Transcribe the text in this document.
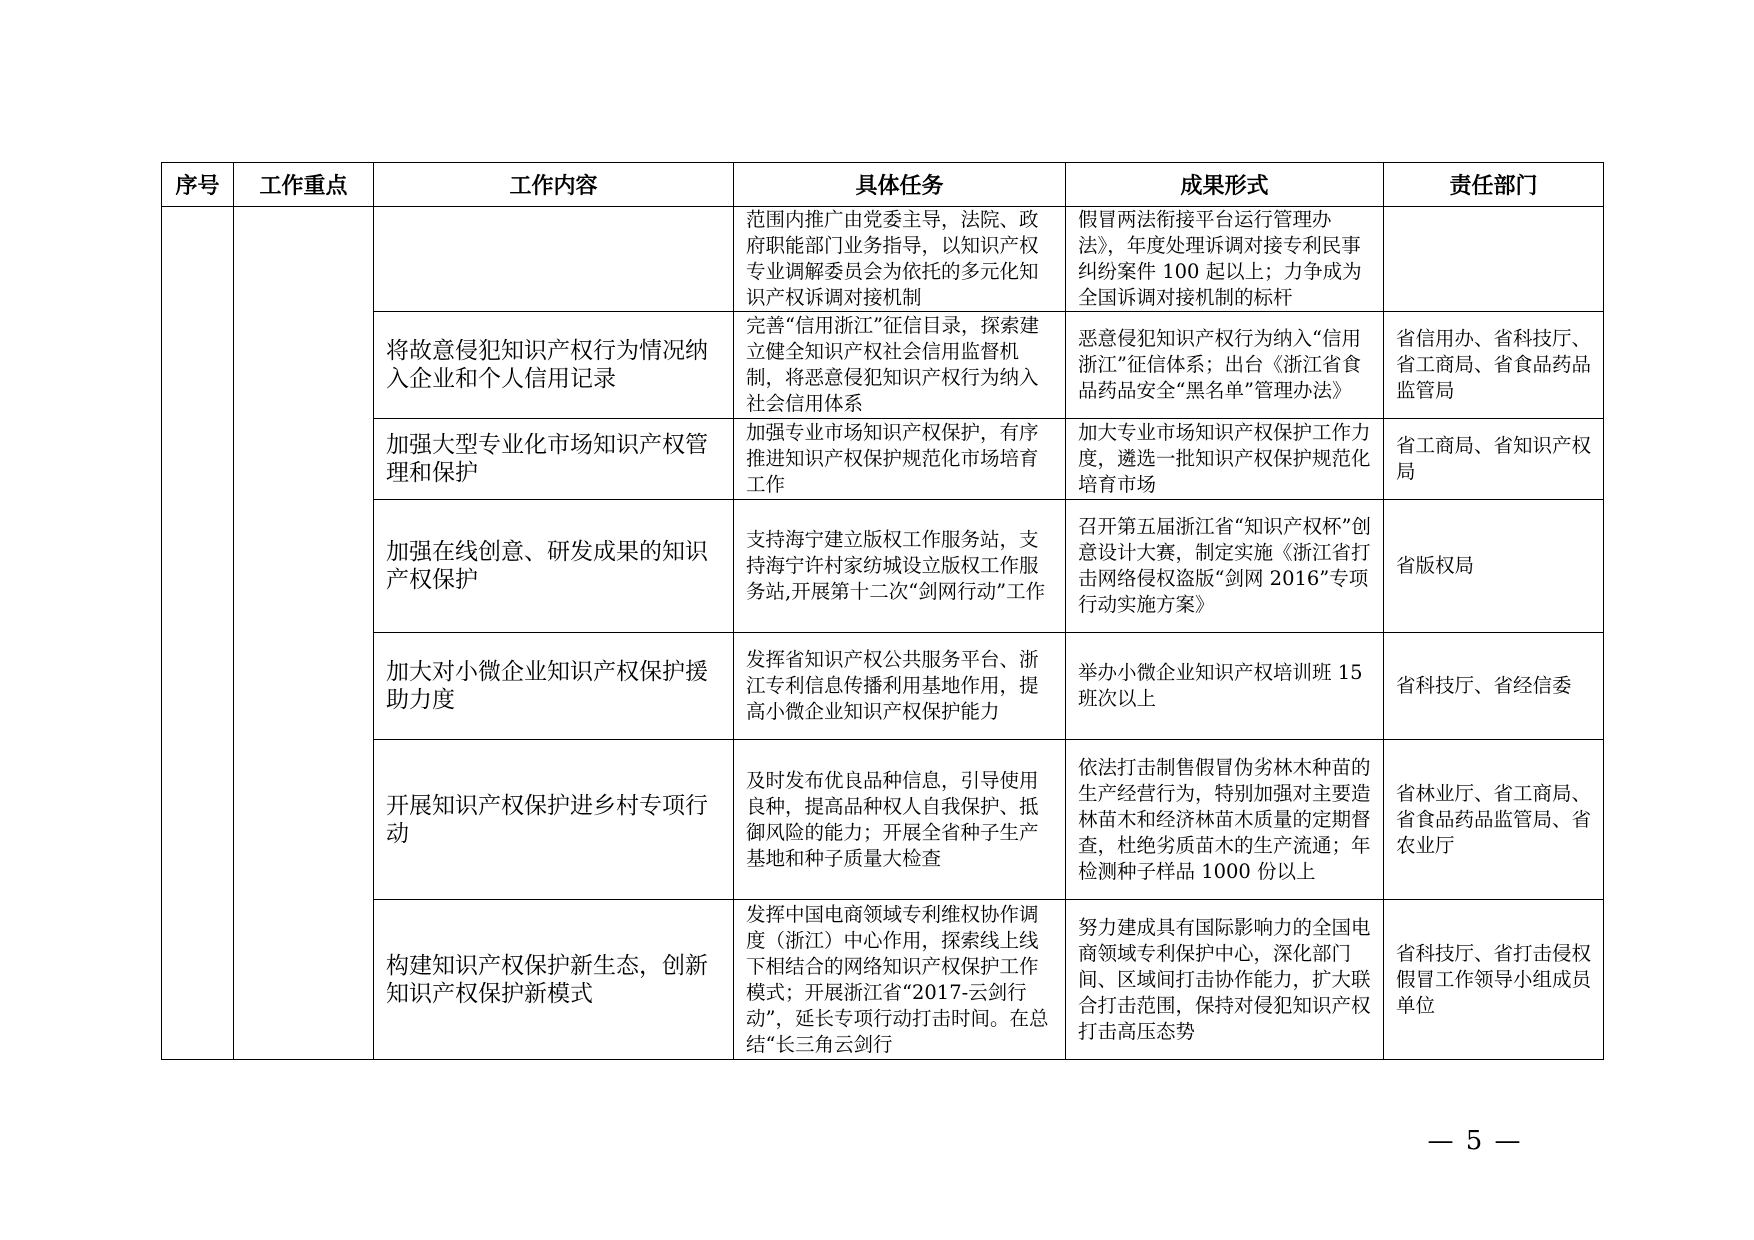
序号	工作重点	工作内容	具体任务	成果形式	责任部门
			范围内推广由党委主导，法院、政府职能部门业务指导，以知识产权专业调解委员会为依托的多元化知识产权诉调对接机制	假冒两法衔接平台运行管理办法》，年度处理诉调对接专利民事纠纷案件 100 起以上；力争成为全国诉调对接机制的标杆	
		将故意侵犯知识产权行为情况纳入企业和个人信用记录	完善“信用浙江”征信目录，探索建立健全知识产权社会信用监督机制，将恶意侵犯知识产权行为纳入社会信用体系	恶意侵犯知识产权行为纳入“信用浙江”征信体系；出台《浙江省食品药品安全“黑名单”管理办法》	省信用办、省科技厅、省工商局、省食品药品监管局
		加强大型专业化市场知识产权管理和保护	加强专业市场知识产权保护，有序推进知识产权保护规范化市场培育工作	加大专业市场知识产权保护工作力度，遴选一批知识产权保护规范化培育市场	省工商局、省知识产权局
		加强在线创意、研发成果的知识产权保护	支持海宁建立版权工作服务站，支持海宁许村家纺城设立版权工作服务站,开展第十二次“剑网行动”工作	召开第五届浙江省“知识产权杯”创意设计大赛，制定实施《浙江省打击网络侵权盗版“剑网 2016”专项行动实施方案》	省版权局
		加大对小微企业知识产权保护援助力度	发挥省知识产权公共服务平台、浙江专利信息传播利用基地作用，提高小微企业知识产权保护能力	举办小微企业知识产权培训班 15 班次以上	省科技厅、省经信委
		开展知识产权保护进乡村专项行动	及时发布优良品种信息，引导使用良种，提高品种权人自我保护、抵御风险的能力；开展全省种子生产基地和种子质量大检查	依法打击制售假冒伪劣林木种苗的生产经营行为，特别加强对主要造林苗木和经济林苗木质量的定期督查，杜绝劣质苗木的生产流通；年检测种子样品 1000 份以上	省林业厅、省工商局、省食品药品监管局、省农业厅
		构建知识产权保护新生态，创新知识产权保护新模式	发挥中国电商领域专利维权协作调度（浙江）中心作用，探索线上线下相结合的网络知识产权保护工作模式；开展浙江省“2017-云剑行动”，延长专项行动打击时间。在总结“长三角云剑行	努力建成具有国际影响力的全国电商领域专利保护中心，深化部门间、区域间打击协作能力，扩大联合打击范围，保持对侵犯知识产权打击高压态势	省科技厅、省打击侵权假冒工作领导小组成员单位
— 5 —
